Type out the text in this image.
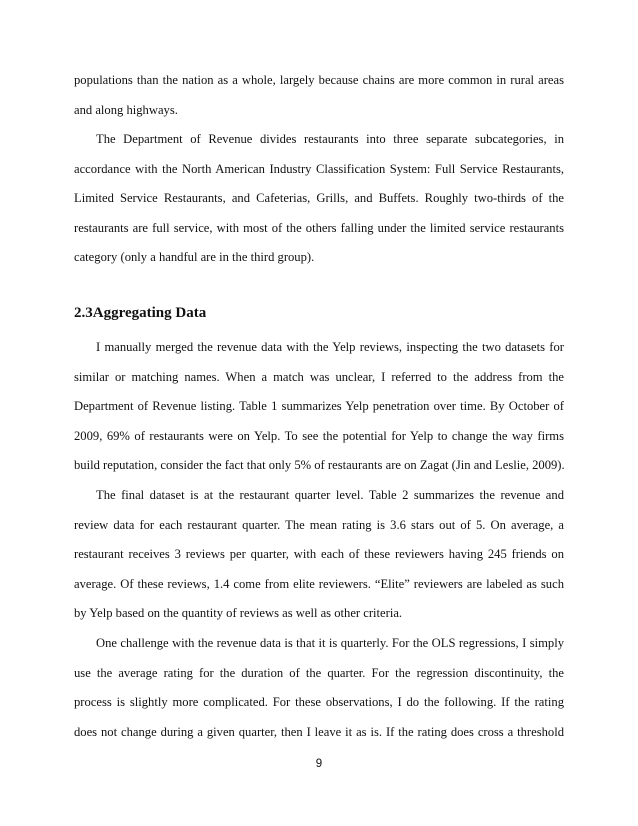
populations than the nation as a whole, largely because chains are more common in rural areas
and along highways.
The Department of Revenue divides restaurants into three separate subcategories, in
accordance with the North American Industry Classification System: Full Service Restaurants,
Limited Service Restaurants, and Cafeterias, Grills, and Buffets. Roughly two-thirds of the
restaurants are full service, with most of the others falling under the limited service restaurants
category (only a handful are in the third group).
2.3Aggregating Data
I manually merged the revenue data with the Yelp reviews, inspecting the two datasets for
similar or matching names. When a match was unclear, I referred to the address from the
Department of Revenue listing. Table 1 summarizes Yelp penetration over time. By October of
2009, 69% of restaurants were on Yelp. To see the potential for Yelp to change the way firms
build reputation, consider the fact that only 5% of restaurants are on Zagat (Jin and Leslie, 2009).
The final dataset is at the restaurant quarter level. Table 2 summarizes the revenue and
review data for each restaurant quarter. The mean rating is 3.6 stars out of 5. On average, a
restaurant receives 3 reviews per quarter, with each of these reviewers having 245 friends on
average. Of these reviews, 1.4 come from elite reviewers. “Elite” reviewers are labeled as such
by Yelp based on the quantity of reviews as well as other criteria.
One challenge with the revenue data is that it is quarterly. For the OLS regressions, I simply
use the average rating for the duration of the quarter. For the regression discontinuity, the
process is slightly more complicated. For these observations, I do the following. If the rating
does not change during a given quarter, then I leave it as is. If the rating does cross a threshold
9
